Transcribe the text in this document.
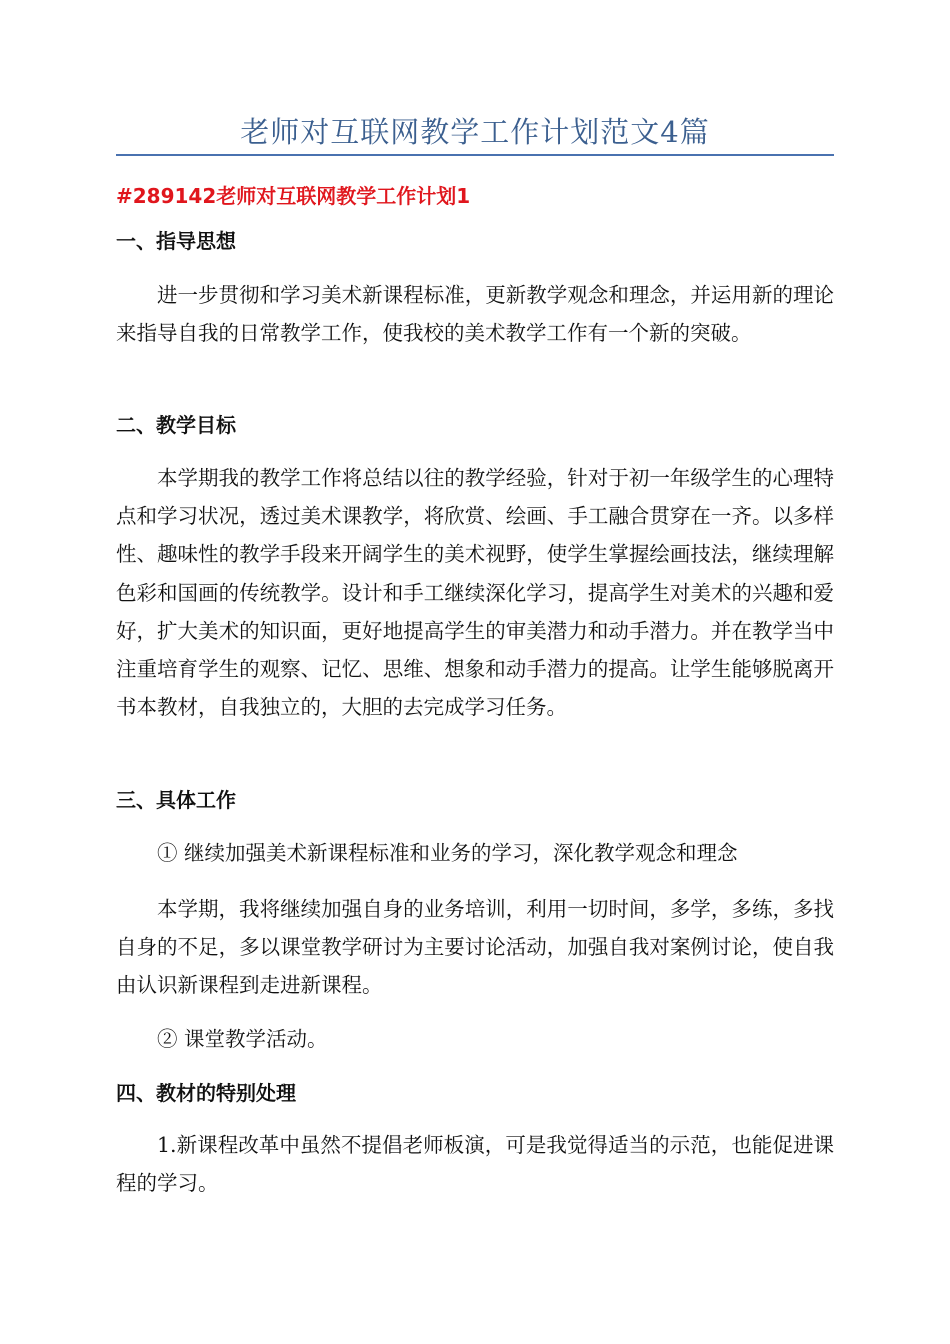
老师对互联网教学工作计划范文4篇
#289142老师对互联网教学工作计划1
一、指导思想

进一步贯彻和学习美术新课程标准，更新教学观念和理念，并运用新的理论来指导自我的日常教学工作，使我校的美术教学工作有一个新的突破。

二、教学目标

本学期我的教学工作将总结以往的教学经验，针对于初一年级学生的心理特点和学习状况，透过美术课教学，将欣赏、绘画、手工融合贯穿在一齐。以多样性、趣味性的教学手段来开阔学生的美术视野，使学生掌握绘画技法，继续理解色彩和国画的传统教学。设计和手工继续深化学习，提高学生对美术的兴趣和爱好，扩大美术的知识面，更好地提高学生的审美潜力和动手潜力。并在教学当中注重培育学生的观察、记忆、思维、想象和动手潜力的提高。让学生能够脱离开书本教材，自我独立的，大胆的去完成学习任务。

三、具体工作

① 继续加强美术新课程标准和业务的学习，深化教学观念和理念

本学期，我将继续加强自身的业务培训，利用一切时间，多学，多练，多找自身的不足，多以课堂教学研讨为主要讨论活动，加强自我对案例讨论，使自我由认识新课程到走进新课程。

② 课堂教学活动。

四、教材的特别处理

1.新课程改革中虽然不提倡老师板演，可是我觉得适当的示范，也能促进课程的学习。
